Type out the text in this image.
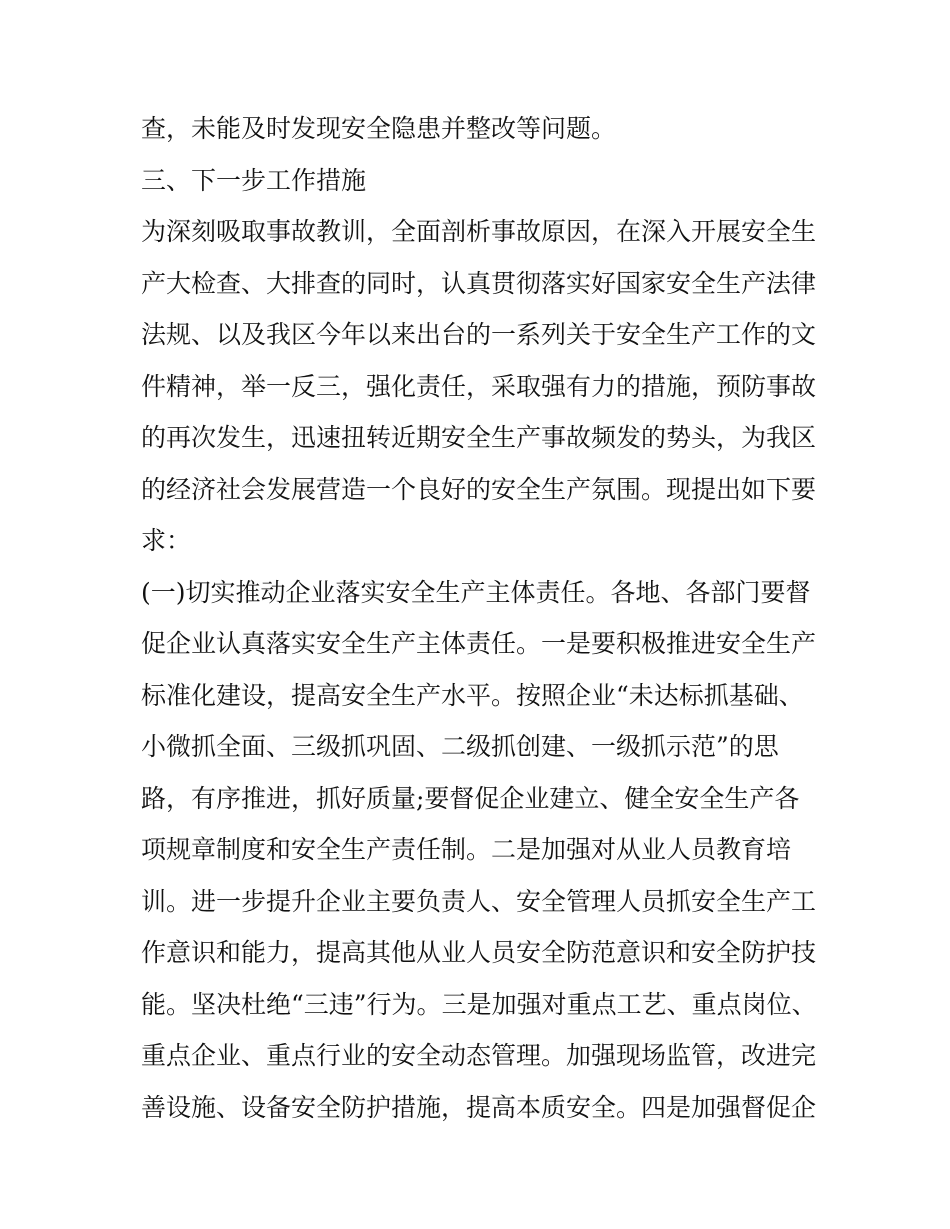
查，未能及时发现安全隐患并整改等问题。
三、下一步工作措施
为深刻吸取事故教训，全面剖析事故原因，在深入开展安全生
产大检查、大排查的同时，认真贯彻落实好国家安全生产法律
法规、以及我区今年以来出台的一系列关于安全生产工作的文
件精神，举一反三，强化责任，采取强有力的措施，预防事故
的再次发生，迅速扭转近期安全生产事故频发的势头，为我区
的经济社会发展营造一个良好的安全生产氛围。现提出如下要
求：
(一)切实推动企业落实安全生产主体责任。各地、各部门要督
促企业认真落实安全生产主体责任。一是要积极推进安全生产
标准化建设，提高安全生产水平。按照企业“未达标抓基础、
小微抓全面、三级抓巩固、二级抓创建、一级抓示范”的思
路，有序推进，抓好质量;要督促企业建立、健全安全生产各
项规章制度和安全生产责任制。二是加强对从业人员教育培
训。进一步提升企业主要负责人、安全管理人员抓安全生产工
作意识和能力，提高其他从业人员安全防范意识和安全防护技
能。坚决杜绝“三违”行为。三是加强对重点工艺、重点岗位、
重点企业、重点行业的安全动态管理。加强现场监管，改进完
善设施、设备安全防护措施，提高本质安全。四是加强督促企
